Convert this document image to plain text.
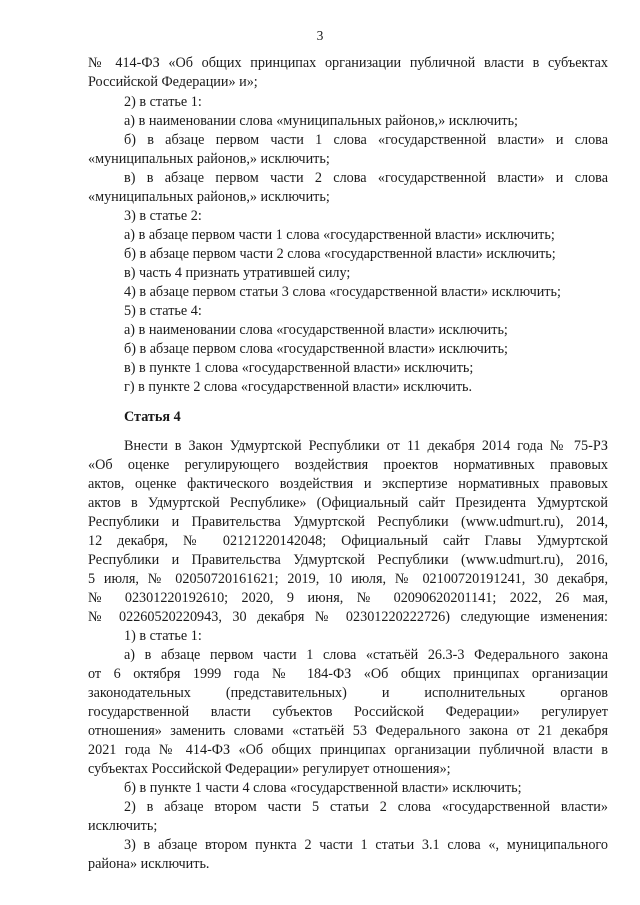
3
№ 414-ФЗ «Об общих принципах организации публичной власти в субъектах
Российской Федерации» и»;
2) в статье 1:
а) в наименовании слова «муниципальных районов,» исключить;
б) в абзаце первом части 1 слова «государственной власти» и слова
«муниципальных районов,» исключить;
в) в абзаце первом части 2 слова «государственной власти» и слова
«муниципальных районов,» исключить;
3) в статье 2:
а) в абзаце первом части 1 слова «государственной власти» исключить;
б) в абзаце первом части 2 слова «государственной власти» исключить;
в) часть 4 признать утратившей силу;
4) в абзаце первом статьи 3 слова «государственной власти» исключить;
5) в статье 4:
а) в наименовании слова «государственной власти» исключить;
б) в абзаце первом слова «государственной власти» исключить;
в) в пункте 1 слова «государственной власти» исключить;
г) в пункте 2 слова «государственной власти» исключить.
Статья 4
Внести в Закон Удмуртской Республики от 11 декабря 2014 года № 75-РЗ
«Об оценке регулирующего воздействия проектов нормативных правовых
актов, оценке фактического воздействия и экспертизе нормативных правовых
актов в Удмуртской Республике» (Официальный сайт Президента Удмуртской
Республики и Правительства Удмуртской Республики (www.udmurt.ru), 2014,
12 декабря, № 02121220142048; Официальный сайт Главы Удмуртской
Республики и Правительства Удмуртской Республики (www.udmurt.ru), 2016,
5 июля, № 02050720161621; 2019, 10 июля, № 02100720191241, 30 декабря,
№ 02301220192610; 2020, 9 июня, № 02090620201141; 2022, 26 мая,
№ 02260520220943, 30 декабря № 02301220222726) следующие изменения:
1) в статье 1:
а) в абзаце первом части 1 слова «статьёй 26.3-3 Федерального закона
от 6 октября 1999 года № 184-ФЗ «Об общих принципах организации
законодательных (представительных) и исполнительных органов
государственной власти субъектов Российской Федерации» регулирует
отношения» заменить словами «статьёй 53 Федерального закона от 21 декабря
2021 года № 414-ФЗ «Об общих принципах организации публичной власти в
субъектах Российской Федерации» регулирует отношения»;
б) в пункте 1 части 4 слова «государственной власти» исключить;
2) в абзаце втором части 5 статьи 2 слова «государственной власти»
исключить;
3) в абзаце втором пункта 2 части 1 статьи 3.1 слова «, муниципального
района» исключить.
